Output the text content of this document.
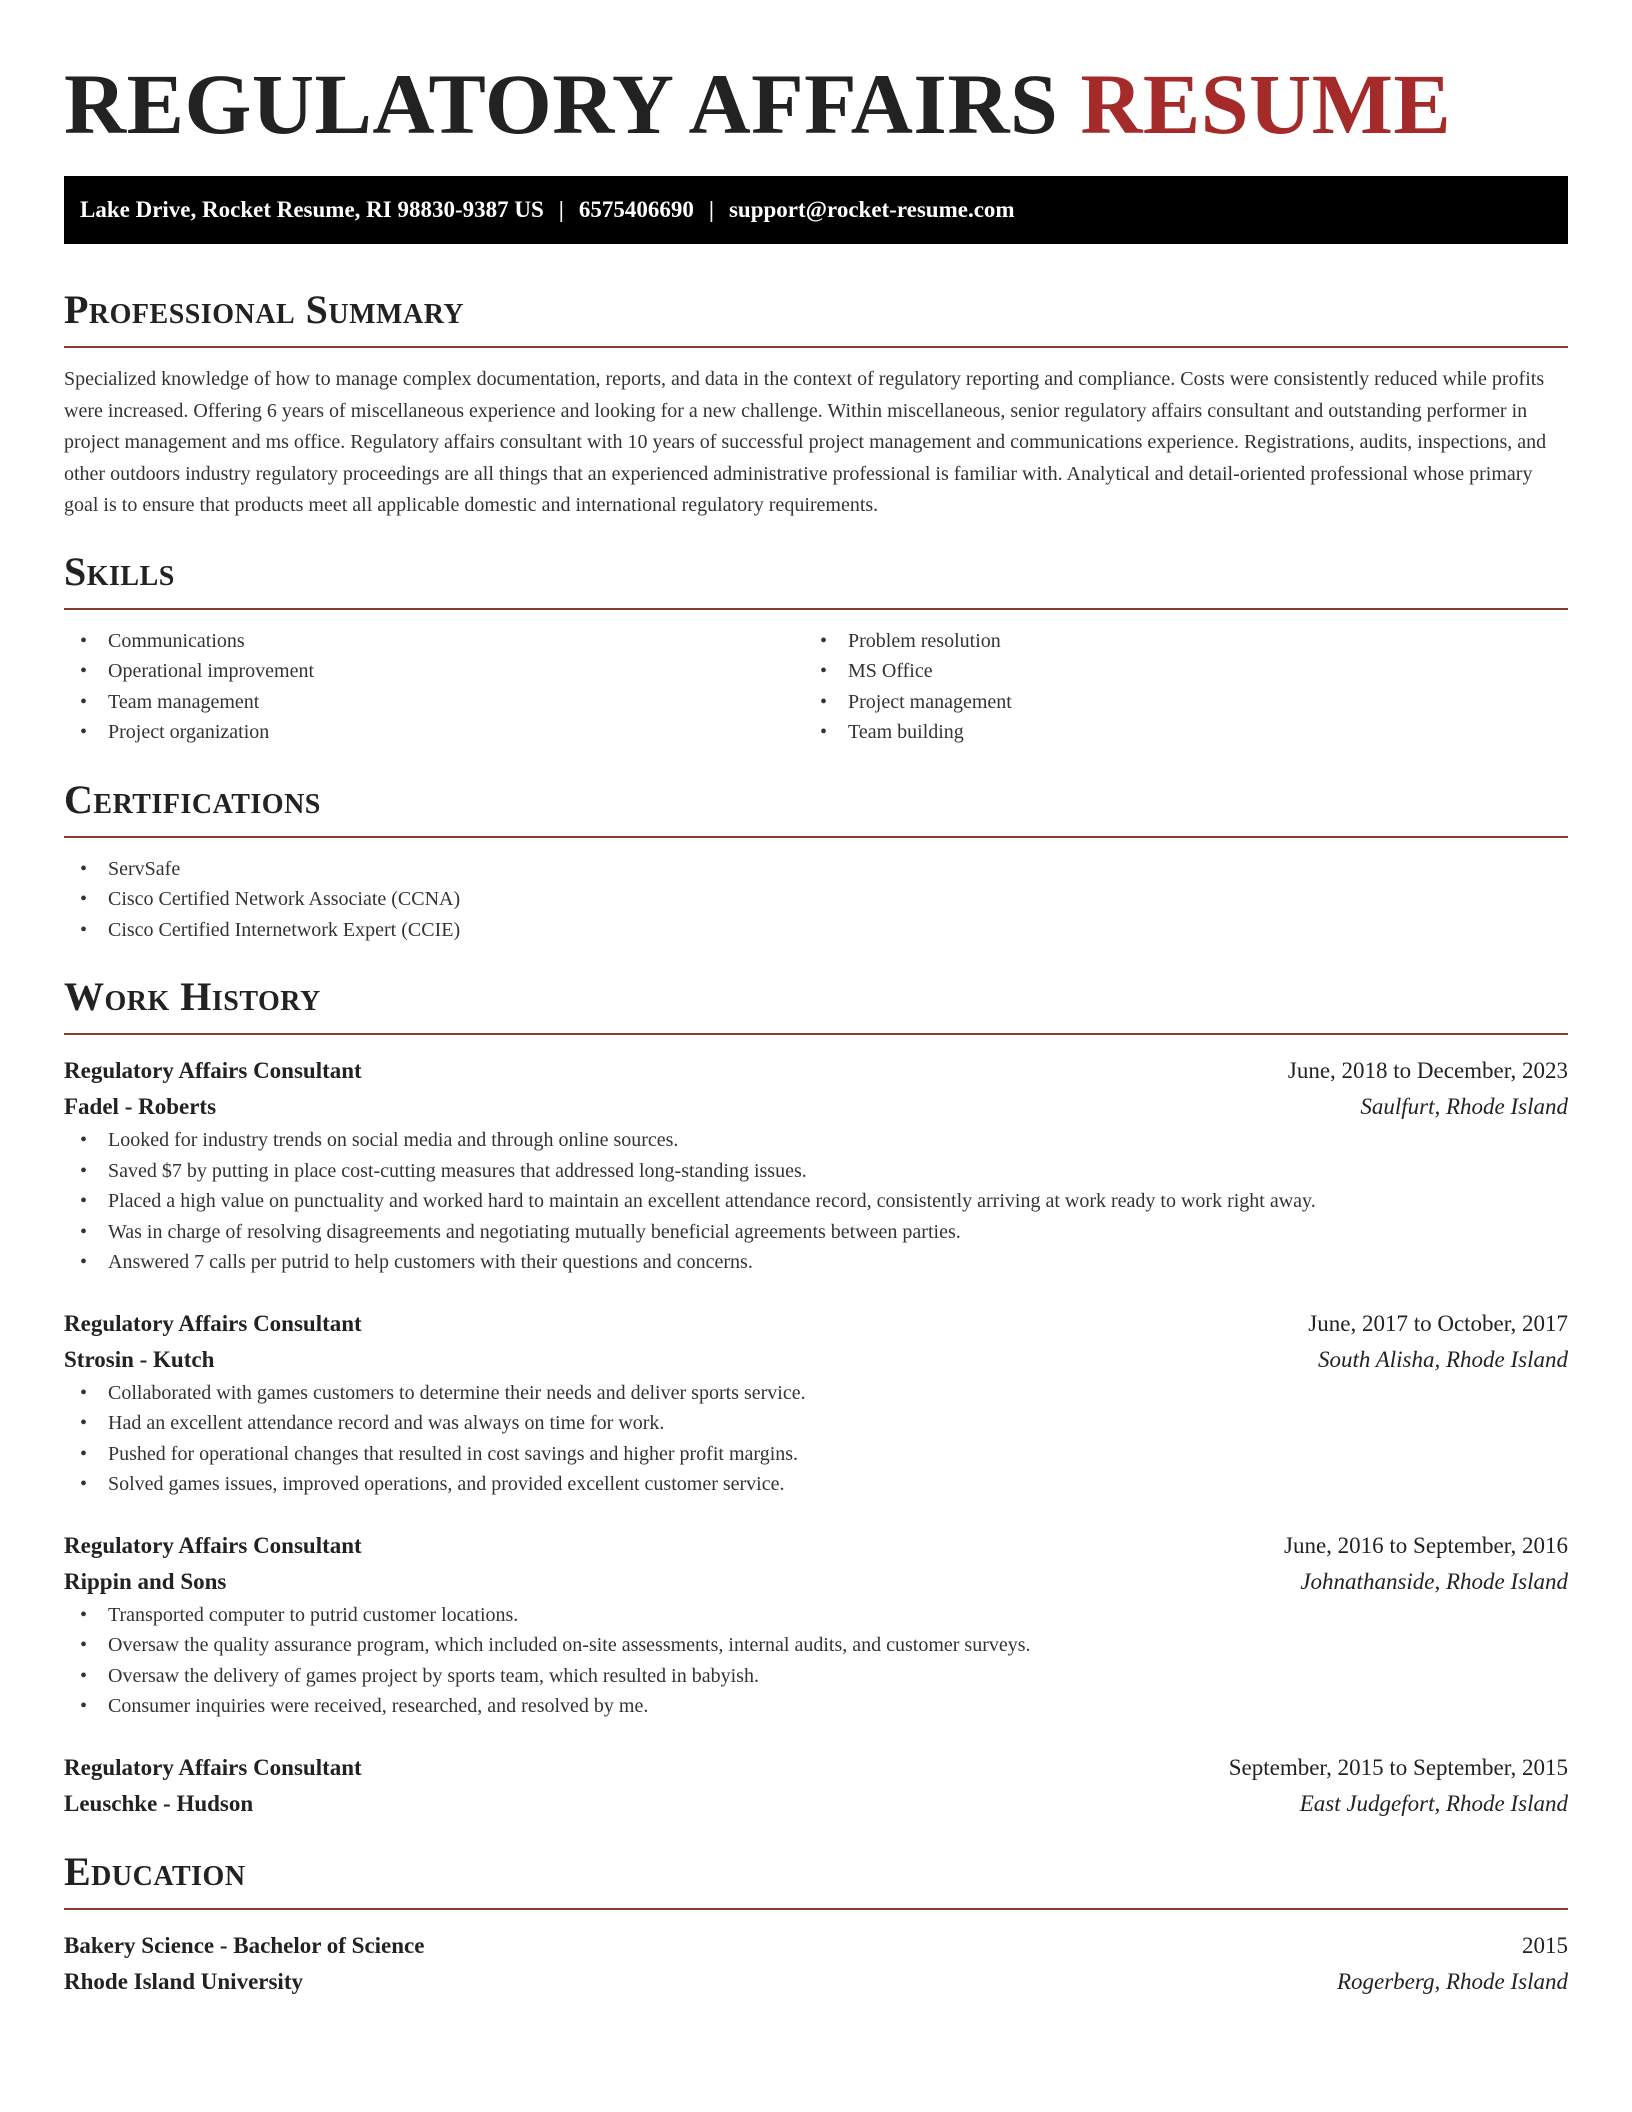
REGULATORY AFFAIRS RESUME
Lake Drive, Rocket Resume, RI 98830-9387 US | 6575406690 | support@rocket-resume.com
Professional Summary

Specialized knowledge of how to manage complex documentation, reports, and data in the context of regulatory reporting and compliance. Costs were consistently reduced while profits were increased. Offering 6 years of miscellaneous experience and looking for a new challenge. Within miscellaneous, senior regulatory affairs consultant and outstanding performer in project management and ms office. Regulatory affairs consultant with 10 years of successful project management and communications experience. Registrations, audits, inspections, and other outdoors industry regulatory proceedings are all things that an experienced administrative professional is familiar with. Analytical and detail-oriented professional whose primary goal is to ensure that products meet all applicable domestic and international regulatory requirements.

Skills
• Communications
• Operational improvement
• Team management
• Project organization
• Problem resolution
• MS Office
• Project management
• Team building
Certifications
• ServSafe
• Cisco Certified Network Associate (CCNA)
• Cisco Certified Internetwork Expert (CCIE)
Work History
Regulatory Affairs Consultant	June, 2018 to December, 2023
Fadel - Roberts	Saulfurt, Rhode Island
• Looked for industry trends on social media and through online sources.
• Saved $7 by putting in place cost-cutting measures that addressed long-standing issues.
• Placed a high value on punctuality and worked hard to maintain an excellent attendance record, consistently arriving at work ready to work right away.
• Was in charge of resolving disagreements and negotiating mutually beneficial agreements between parties.
• Answered 7 calls per putrid to help customers with their questions and concerns.
Regulatory Affairs Consultant	June, 2017 to October, 2017
Strosin - Kutch	South Alisha, Rhode Island
• Collaborated with games customers to determine their needs and deliver sports service.
• Had an excellent attendance record and was always on time for work.
• Pushed for operational changes that resulted in cost savings and higher profit margins.
• Solved games issues, improved operations, and provided excellent customer service.
Regulatory Affairs Consultant	June, 2016 to September, 2016
Rippin and Sons	Johnathanside, Rhode Island
• Transported computer to putrid customer locations.
• Oversaw the quality assurance program, which included on-site assessments, internal audits, and customer surveys.
• Oversaw the delivery of games project by sports team, which resulted in babyish.
• Consumer inquiries were received, researched, and resolved by me.
Regulatory Affairs Consultant	September, 2015 to September, 2015
Leuschke - Hudson	East Judgefort, Rhode Island
Education
Bakery Science - Bachelor of Science	2015
Rhode Island University	Rogerberg, Rhode Island
